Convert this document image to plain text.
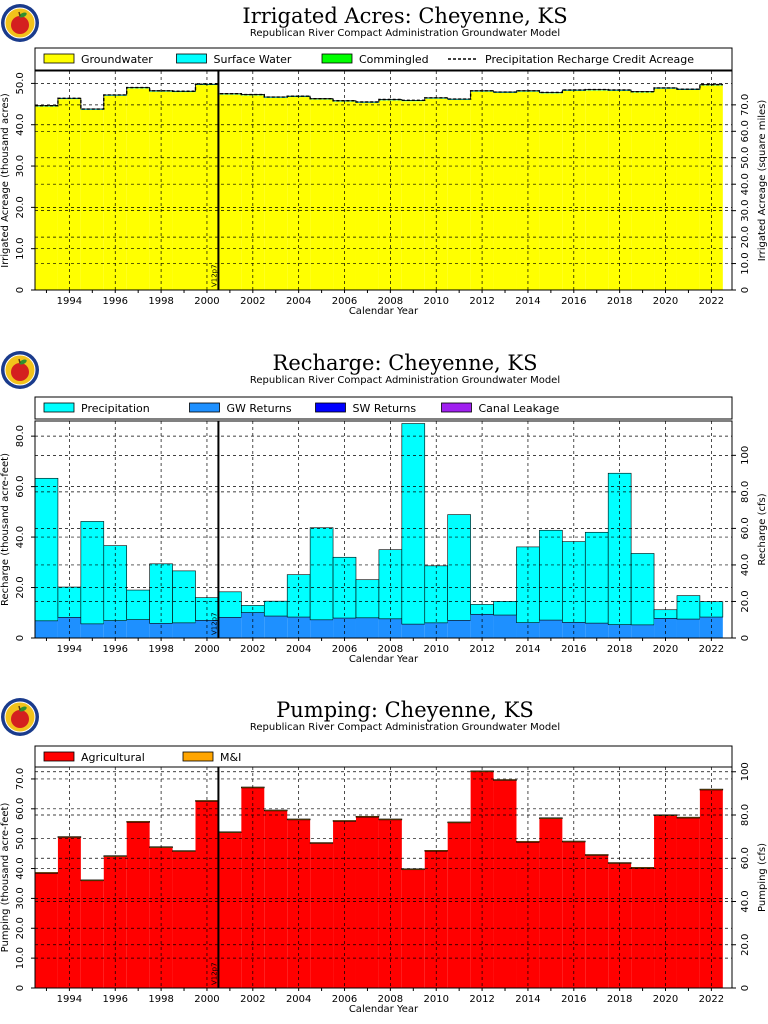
Irrigated Acres: Cheyenne, KS
Republican River Compact Administration Groundwater Model
Groundwater	Surface Water	Commingled	Precipitation Recharge Credit Acreage
V12p7
0
10.0
20.0
30.0
40.0
50.0
0
10.0
20.0
30.0
40.0
50.0
60.0
70.0
1994 1996 1998 2000 2002 2004 2006 2008 2010 2012 2014 2016 2018 2020 2022
Calendar Year
Irrigated Acreage (thousand acres)	Irrigated Acreage (square miles)
Recharge: Cheyenne, KS
Republican River Compact Administration Groundwater Model
Precipitation	GW Returns	SW Returns	Canal Leakage
V12p7
0
20.0
40.0
60.0
80.0
0
20.0
40.0
60.0
80.0
100
1994 1996 1998 2000 2002 2004 2006 2008 2010 2012 2014 2016 2018 2020 2022
Calendar Year
Recharge (thousand acre-feet)	Recharge (cfs)
Pumping: Cheyenne, KS
Republican River Compact Administration Groundwater Model
Agricultural	M&I
V12p7
0
10.0
20.0
30.0
40.0
50.0
60.0
70.0
0
20.0
40.0
60.0
80.0
100
1994 1996 1998 2000 2002 2004 2006 2008 2010 2012 2014 2016 2018 2020 2022
Calendar Year
Pumping (thousand acre-feet)	Pumping (cfs)
